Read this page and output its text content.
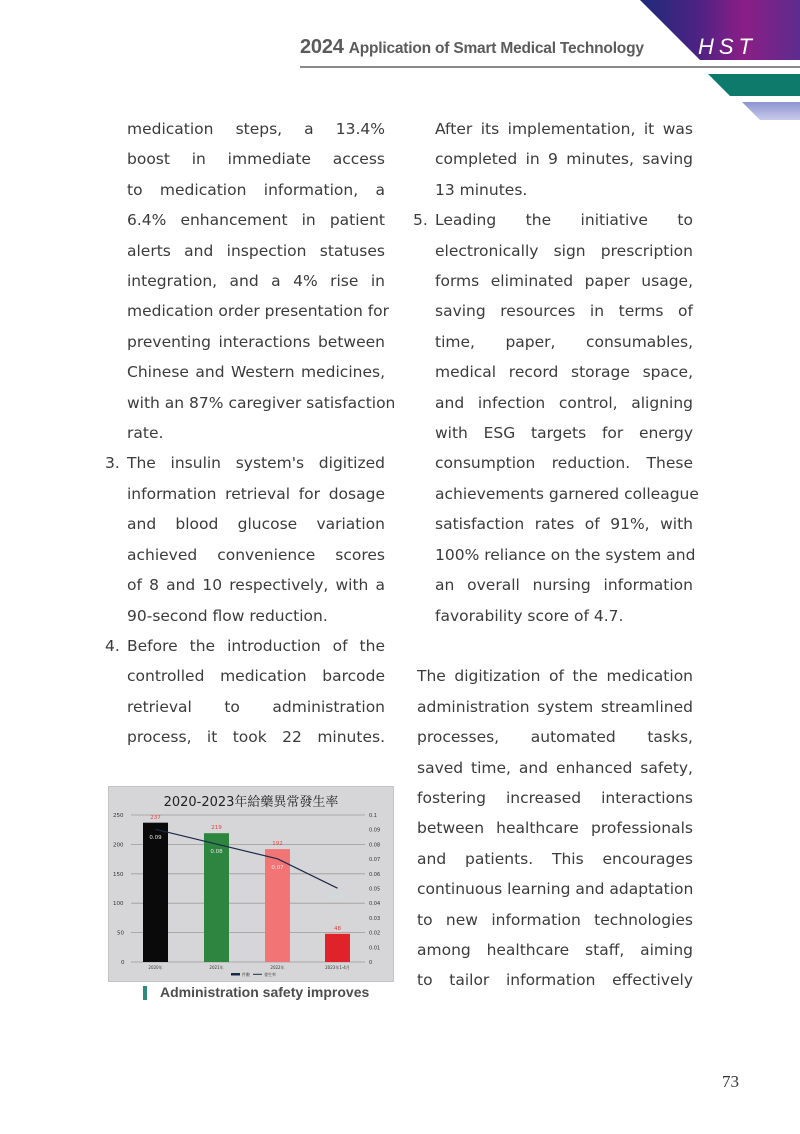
HST
2024 Application of Smart Medical Technology
medication steps, a 13.4%
boost in immediate access
to medication information, a
6.4% enhancement in patient
alerts and inspection statuses
integration, and a 4% rise in
medication order presentation for
preventing interactions between
Chinese and Western medicines,
with an 87% caregiver satisfaction
rate.
3. The insulin system's digitized
information retrieval for dosage
and blood glucose variation
achieved convenience scores
of 8 and 10 respectively, with a
90-second flow reduction.
4. Before the introduction of the
controlled medication barcode
retrieval to administration
process, it took 22 minutes.
250
200
150
100
50
0
0.1
0.09
0.08
0.07
0.06
0.05
0.04
0.03
0.02
0.01
0
237
219
192
48
0.09
0.08
0.07
0.05
2020年	2021年	2022年	2023年1-4月
件數	發生率
2020-2023年給藥異常發生率
Administration safety improves
After its implementation, it was
completed in 9 minutes, saving
13 minutes.
5. Leading the initiative to
electronically sign prescription
forms eliminated paper usage,
saving resources in terms of
time, paper, consumables,
medical record storage space,
and infection control, aligning
with ESG targets for energy
consumption reduction. These
achievements garnered colleague
satisfaction rates of 91%, with
100% reliance on the system and
an overall nursing information
favorability score of 4.7.
The digitization of the medication
administration system streamlined
processes, automated tasks,
saved time, and enhanced safety,
fostering increased interactions
between healthcare professionals
and patients. This encourages
continuous learning and adaptation
to new information technologies
among healthcare staff, aiming
to tailor information effectively
73
